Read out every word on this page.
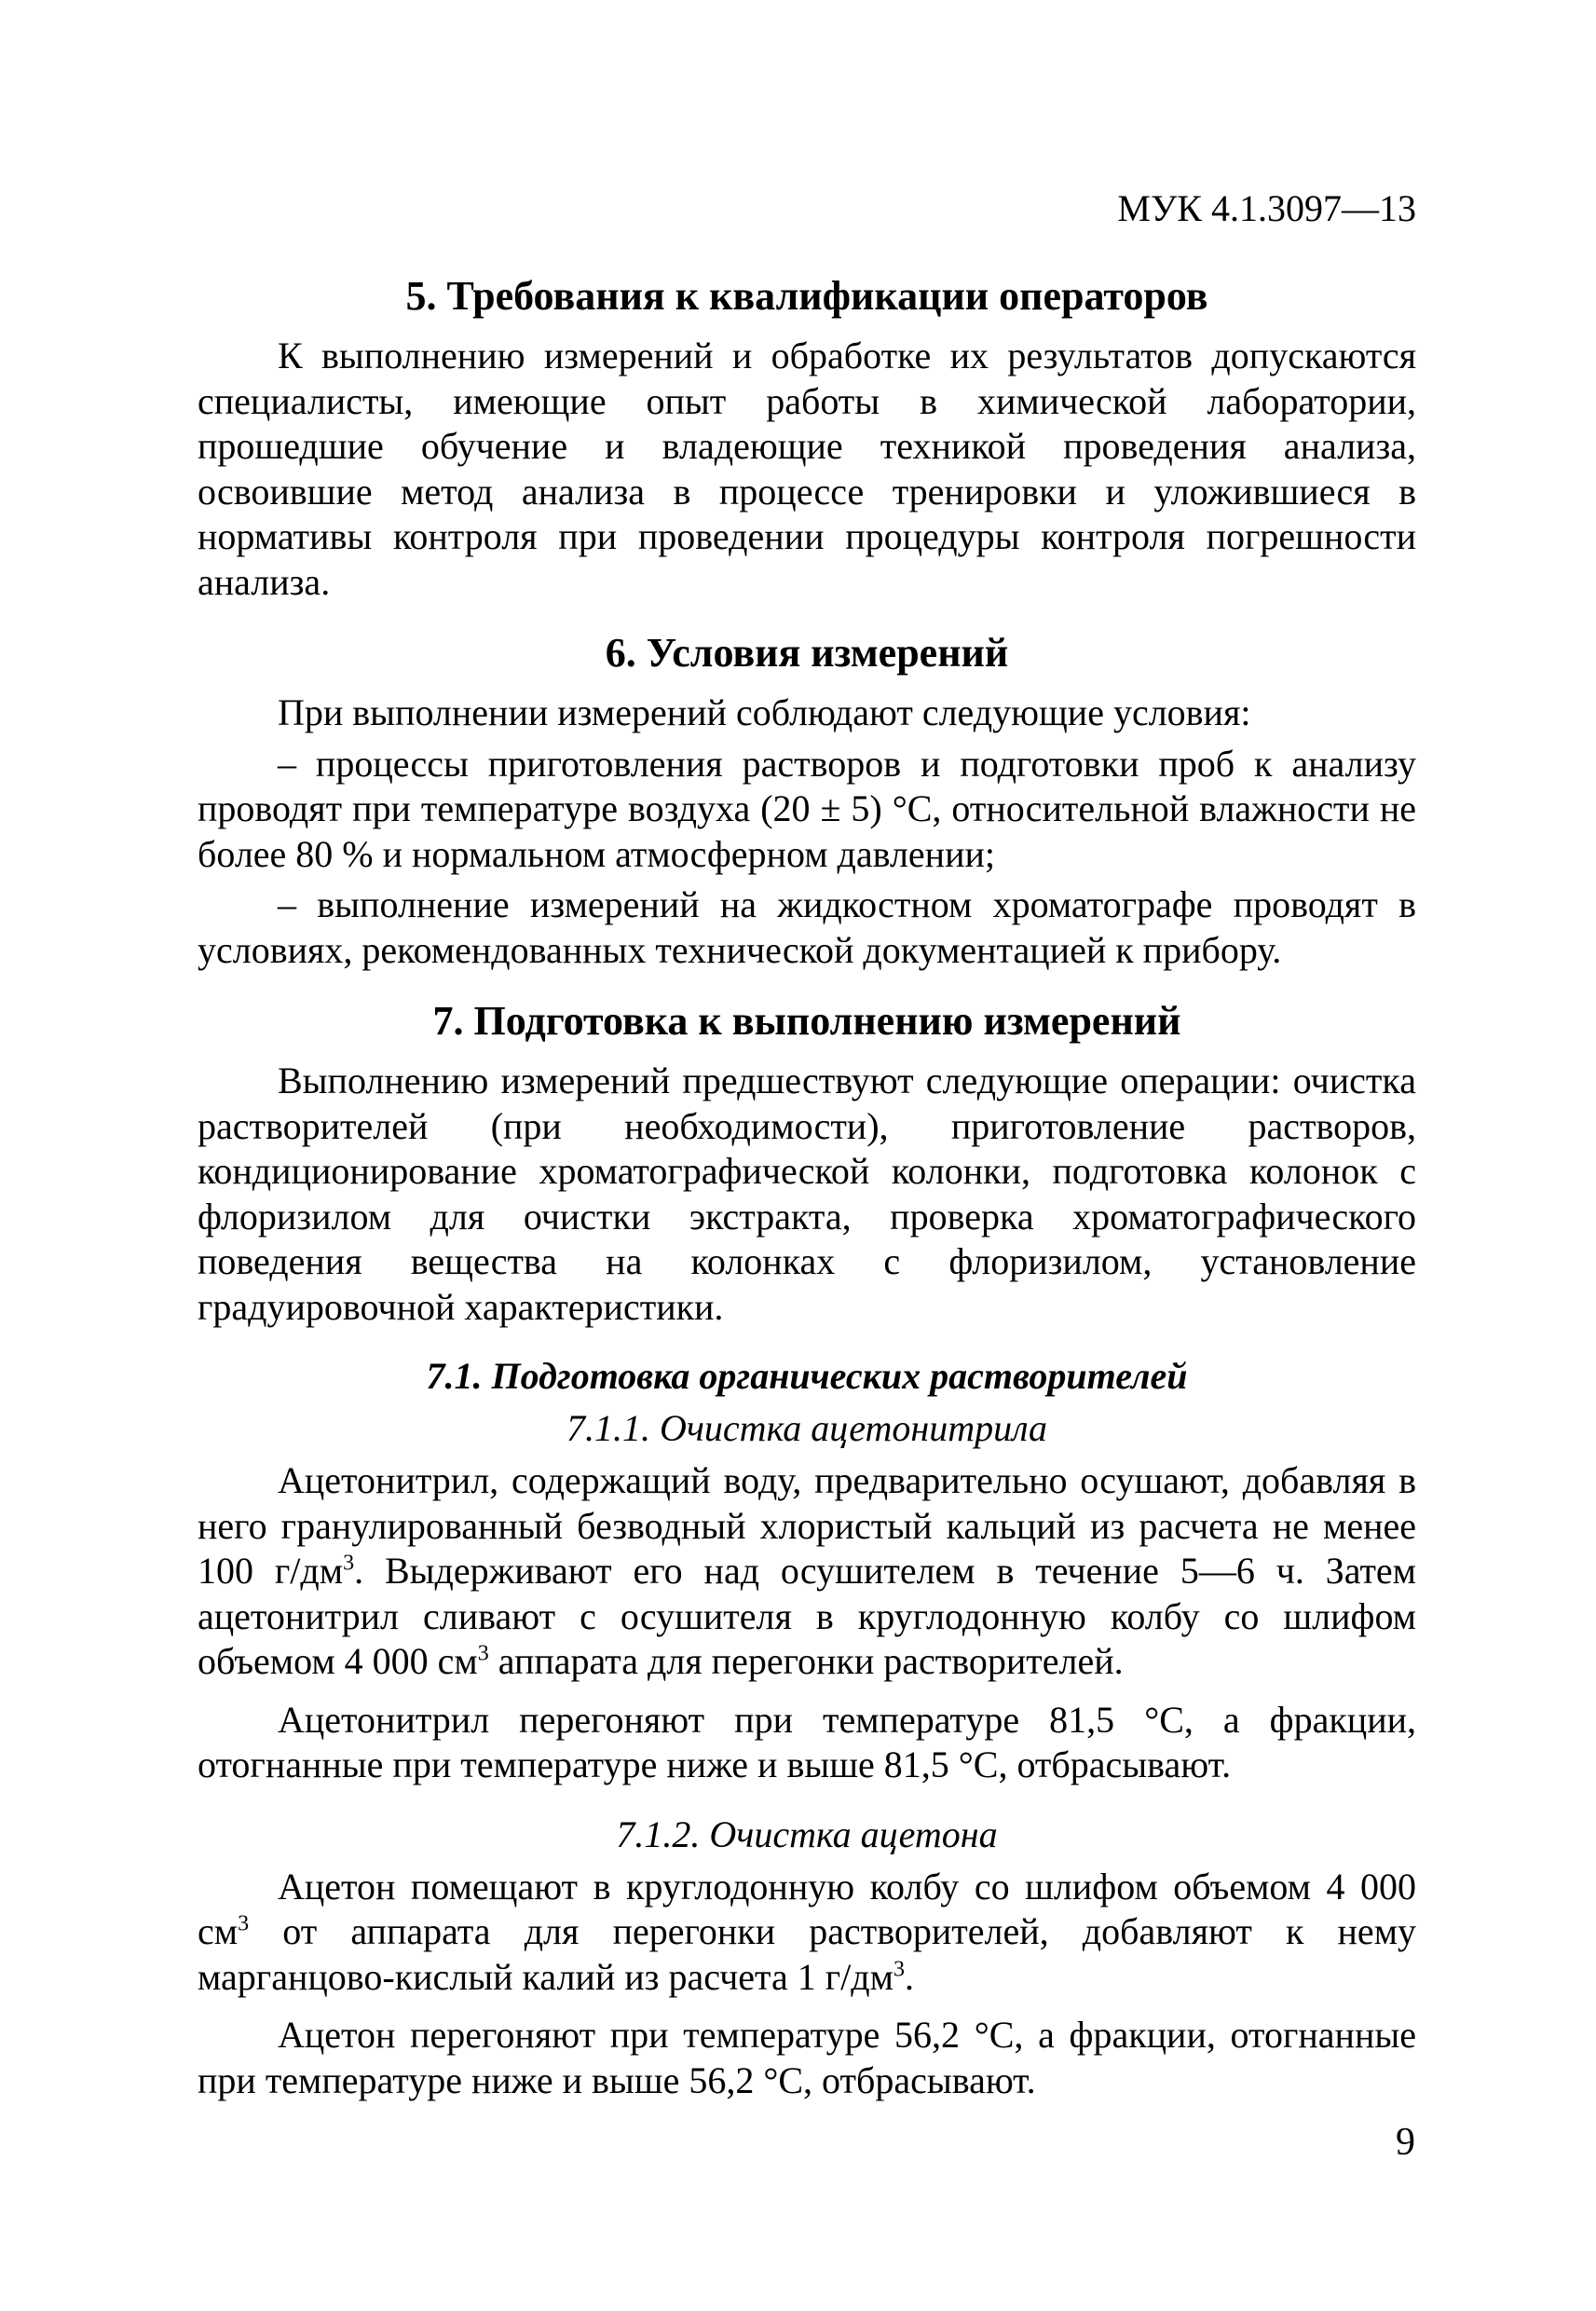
МУК 4.1.3097—13
5. Требования к квалификации операторов
К выполнению измерений и обработке их результатов допускаются специалисты, имеющие опыт работы в химической лаборатории, прошедшие обучение и владеющие техникой проведения анализа, освоившие метод анализа в процессе тренировки и уложившиеся в нормативы контроля при проведении процедуры контроля погрешности анализа.
6. Условия измерений
При выполнении измерений соблюдают следующие условия:
– процессы приготовления растворов и подготовки проб к анализу проводят при температуре воздуха (20 ± 5) °С, относительной влажности не более 80 % и нормальном атмосферном давлении;
– выполнение измерений на жидкостном хроматографе проводят в условиях, рекомендованных технической документацией к прибору.
7. Подготовка к выполнению измерений
Выполнению измерений предшествуют следующие операции: очистка растворителей (при необходимости), приготовление растворов, кондиционирование хроматографической колонки, подготовка колонок с флоризилом для очистки экстракта, проверка хроматографического поведения вещества на колонках с флоризилом, установление градуировочной характеристики.
7.1. Подготовка органических растворителей
7.1.1. Очистка ацетонитрила
Ацетонитрил, содержащий воду, предварительно осушают, добавляя в него гранулированный безводный хлористый кальций из расчета не менее 100 $г/дм^3$. Выдерживают его над осушителем в течение 5—6 ч. Затем ацетонитрил сливают с осушителя в круглодонную колбу со шлифом объемом 4 000 $см^3$ аппарата для перегонки растворителей.
Ацетонитрил перегоняют при температуре 81,5 °С, а фракции, отогнанные при температуре ниже и выше 81,5 °С, отбрасывают.
7.1.2. Очистка ацетона
Ацетон помещают в круглодонную колбу со шлифом объемом 4 000 $см^3$ от аппарата для перегонки растворителей, добавляют к нему марганцово-кислый калий из расчета 1 $г/дм^3$.
Ацетон перегоняют при температуре 56,2 °С, а фракции, отогнанные при температуре ниже и выше 56,2 °С, отбрасывают.
9
